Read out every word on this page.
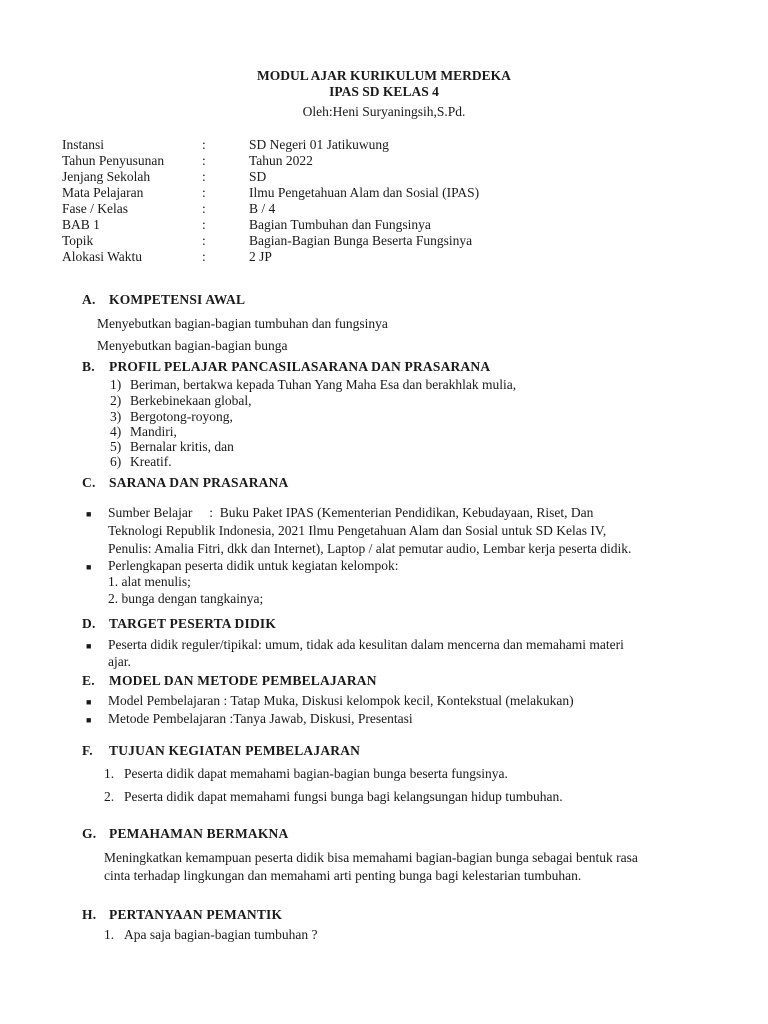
MODUL AJAR KURIKULUM MERDEKA
IPAS SD KELAS 4
Oleh:Heni Suryaningsih,S.Pd.
Instansi	:	SD Negeri 01 Jatikuwung
Tahun Penyusunan	:	Tahun 2022
Jenjang Sekolah	:	SD
Mata Pelajaran	:	Ilmu Pengetahuan Alam dan Sosial (IPAS)
Fase / Kelas	:	B / 4
BAB 1	:	Bagian Tumbuhan dan Fungsinya
Topik	:	Bagian-Bagian Bunga Beserta Fungsinya
Alokasi Waktu	:	2 JP
A. KOMPETENSI AWAL
Menyebutkan bagian-bagian tumbuhan dan fungsinya
Menyebutkan bagian-bagian bunga
B. PROFIL PELAJAR PANCASILASARANA DAN PRASARANA
1) Beriman, bertakwa kepada Tuhan Yang Maha Esa dan berakhlak mulia,
2) Berkebinekaan global,
3) Bergotong-royong,
4) Mandiri,
5) Bernalar kritis, dan
6) Kreatif.
C. SARANA DAN PRASARANA
■ Sumber Belajar     :  Buku Paket IPAS (Kementerian Pendidikan, Kebudayaan, Riset, Dan
Teknologi Republik Indonesia, 2021 Ilmu Pengetahuan Alam dan Sosial untuk SD Kelas IV,
Penulis: Amalia Fitri, dkk dan Internet), Laptop / alat pemutar audio, Lembar kerja peserta didik.
■ Perlengkapan peserta didik untuk kegiatan kelompok:
1. alat menulis;
2. bunga dengan tangkainya;
D. TARGET PESERTA DIDIK
■ Peserta didik reguler/tipikal: umum, tidak ada kesulitan dalam mencerna dan memahami materi
ajar.
E. MODEL DAN METODE PEMBELAJARAN
■ Model Pembelajaran : Tatap Muka, Diskusi kelompok kecil, Kontekstual (melakukan)
■ Metode Pembelajaran :Tanya Jawab, Diskusi, Presentasi
F. TUJUAN KEGIATAN PEMBELAJARAN
1. Peserta didik dapat memahami bagian-bagian bunga beserta fungsinya.
2. Peserta didik dapat memahami fungsi bunga bagi kelangsungan hidup tumbuhan.
G. PEMAHAMAN BERMAKNA
Meningkatkan kemampuan peserta didik bisa memahami bagian-bagian bunga sebagai bentuk rasa
cinta terhadap lingkungan dan memahami arti penting bunga bagi kelestarian tumbuhan.
H. PERTANYAAN PEMANTIK
1. Apa saja bagian-bagian tumbuhan ?
